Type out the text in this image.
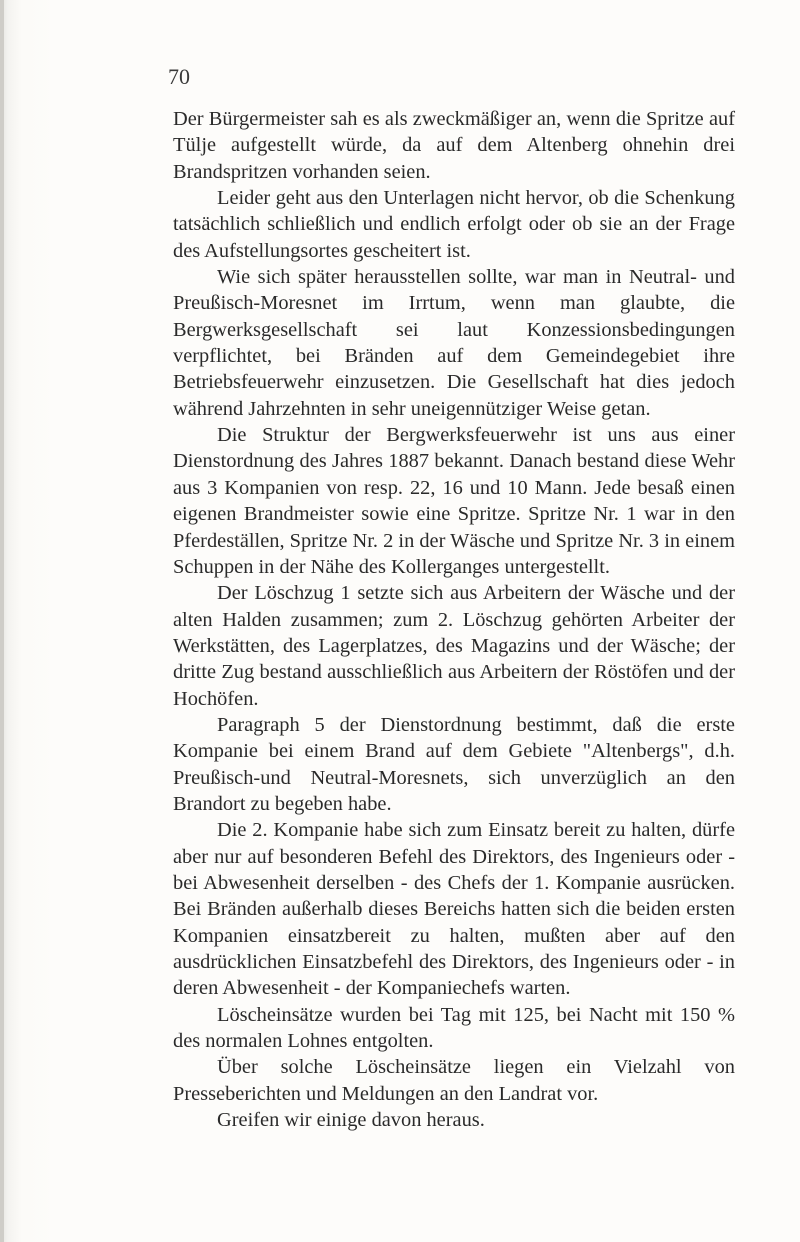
70

Der Bürgermeister sah es als zweckmäßiger an, wenn die Spritze auf Tülje aufgestellt würde, da auf dem Altenberg ohnehin drei Brandspritzen vorhanden seien.

Leider geht aus den Unterlagen nicht hervor, ob die Schenkung tatsächlich schließlich und endlich erfolgt oder ob sie an der Frage des Aufstellungsortes gescheitert ist.

Wie sich später herausstellen sollte, war man in Neutral- und Preußisch-Moresnet im Irrtum, wenn man glaubte, die Bergwerksgesellschaft sei laut Konzessionsbedingungen verpflichtet, bei Bränden auf dem Gemeindegebiet ihre Betriebsfeuerwehr einzusetzen. Die Gesellschaft hat dies jedoch während Jahrzehnten in sehr uneigennütziger Weise getan.

Die Struktur der Bergwerksfeuerwehr ist uns aus einer Dienstordnung des Jahres 1887 bekannt. Danach bestand diese Wehr aus 3 Kompanien von resp. 22, 16 und 10 Mann. Jede besaß einen eigenen Brandmeister sowie eine Spritze. Spritze Nr. 1 war in den Pferdeställen, Spritze Nr. 2 in der Wäsche und Spritze Nr. 3 in einem Schuppen in der Nähe des Kollerganges untergestellt.

Der Löschzug 1 setzte sich aus Arbeitern der Wäsche und der alten Halden zusammen; zum 2. Löschzug gehörten Arbeiter der Werkstätten, des Lagerplatzes, des Magazins und der Wäsche; der dritte Zug bestand ausschließlich aus Arbeitern der Röstöfen und der Hochöfen.

Paragraph 5 der Dienstordnung bestimmt, daß die erste Kompanie bei einem Brand auf dem Gebiete "Altenbergs", d.h. Preußisch-und Neutral-Moresnets, sich unverzüglich an den Brandort zu begeben habe.

Die 2. Kompanie habe sich zum Einsatz bereit zu halten, dürfe aber nur auf besonderen Befehl des Direktors, des Ingenieurs oder - bei Abwesenheit derselben - des Chefs der 1. Kompanie ausrücken. Bei Bränden außerhalb dieses Bereichs hatten sich die beiden ersten Kompanien einsatzbereit zu halten, mußten aber auf den ausdrücklichen Einsatzbefehl des Direktors, des Ingenieurs oder - in deren Abwesenheit - der Kompaniechefs warten.

Löscheinsätze wurden bei Tag mit 125, bei Nacht mit 150 % des normalen Lohnes entgolten.

Über solche Löscheinsätze liegen ein Vielzahl von Presseberichten und Meldungen an den Landrat vor.

Greifen wir einige davon heraus.
